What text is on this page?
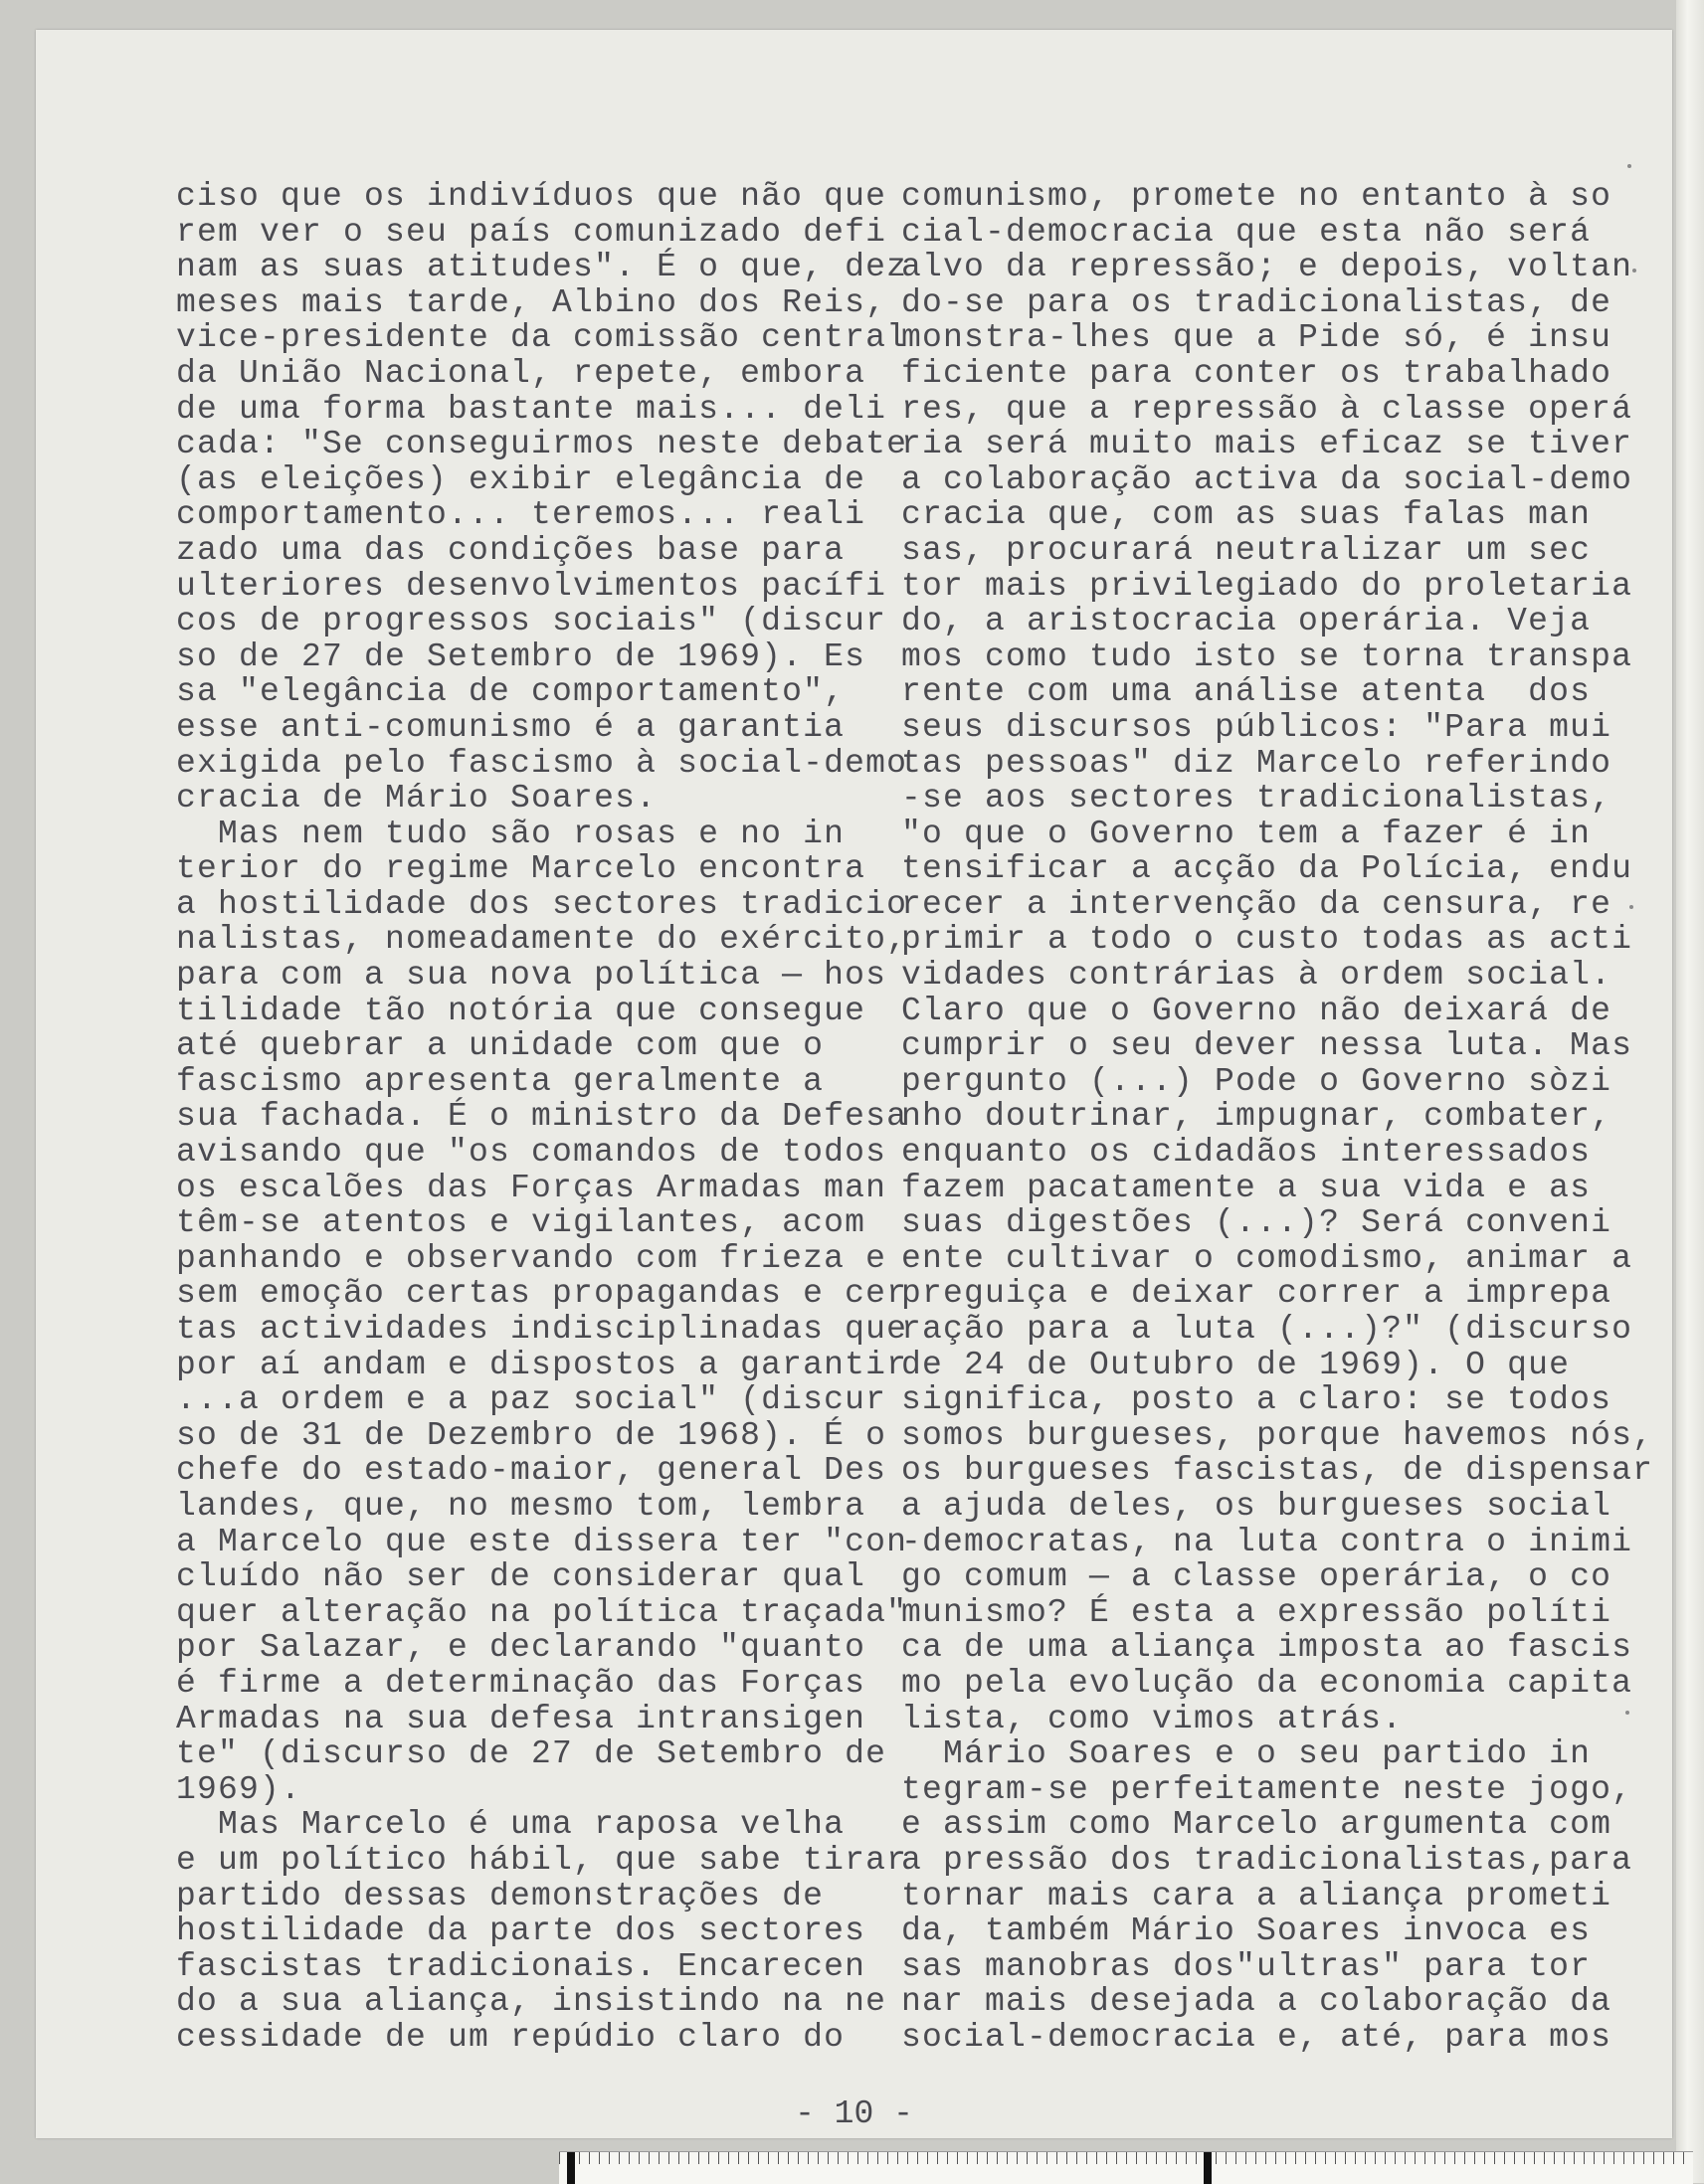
ciso que os indivíduos que não que
rem ver o seu país comunizado defi
nam as suas atitudes". É o que, dez
meses mais tarde, Albino dos Reis,
vice-presidente da comissão central
da União Nacional, repete, embora
de uma forma bastante mais... deli
cada: "Se conseguirmos neste debate
(as eleições) exibir elegância de
comportamento... teremos... reali
zado uma das condições base para
ulteriores desenvolvimentos pacífi
cos de progressos sociais" (discur
so de 27 de Setembro de 1969). Es
sa "elegância de comportamento",
esse anti-comunismo é a garantia
exigida pelo fascismo à social-demo
cracia de Mário Soares.
Mas nem tudo são rosas e no in
terior do regime Marcelo encontra
a hostilidade dos sectores tradicio
nalistas, nomeadamente do exército,
para com a sua nova política — hos
tilidade tão notória que consegue
até quebrar a unidade com que o
fascismo apresenta geralmente a
sua fachada. É o ministro da Defesa
avisando que "os comandos de todos
os escalões das Forças Armadas man
têm-se atentos e vigilantes, acom
panhando e observando com frieza e
sem emoção certas propagandas e cer
tas actividades indisciplinadas que
por aí andam e dispostos a garantir
...a ordem e a paz social" (discur
so de 31 de Dezembro de 1968). É o
chefe do estado-maior, general Des
landes, que, no mesmo tom, lembra
a Marcelo que este dissera ter "con
cluído não ser de considerar qual
quer alteração na política traçada"
por Salazar, e declarando "quanto
é firme a determinação das Forças
Armadas na sua defesa intransigen
te" (discurso de 27 de Setembro de
1969).
Mas Marcelo é uma raposa velha
e um político hábil, que sabe tirar
partido dessas demonstrações de
hostilidade da parte dos sectores
fascistas tradicionais. Encarecen
do a sua aliança, insistindo na ne
cessidade de um repúdio claro do
comunismo, promete no entanto à so
cial-democracia que esta não será
alvo da repressão; e depois, voltan
do-se para os tradicionalistas, de
monstra-lhes que a Pide só, é insu
ficiente para conter os trabalhado
res, que a repressão à classe operá
ria será muito mais eficaz se tiver
a colaboração activa da social-demo
cracia que, com as suas falas man
sas, procurará neutralizar um sec
tor mais privilegiado do proletaria
do, a aristocracia operária. Veja
mos como tudo isto se torna transpa
rente com uma análise atenta  dos
seus discursos públicos: "Para mui
tas pessoas" diz Marcelo referindo
-se aos sectores tradicionalistas,
"o que o Governo tem a fazer é in
tensificar a acção da Polícia, endu
recer a intervenção da censura, re
primir a todo o custo todas as acti
vidades contrárias à ordem social.
Claro que o Governo não deixará de
cumprir o seu dever nessa luta. Mas
pergunto (...) Pode o Governo sòzi
nho doutrinar, impugnar, combater,
enquanto os cidadãos interessados
fazem pacatamente a sua vida e as
suas digestões (...)? Será conveni
ente cultivar o comodismo, animar a
preguiça e deixar correr a imprepa
ração para a luta (...)?" (discurso
de 24 de Outubro de 1969). O que
significa, posto a claro: se todos
somos burgueses, porque havemos nós,
os burgueses fascistas, de dispensar
a ajuda deles, os burgueses social
-democratas, na luta contra o inimi
go comum — a classe operária, o co
munismo? É esta a expressão políti
ca de uma aliança imposta ao fascis
mo pela evolução da economia capita
lista, como vimos atrás.
Mário Soares e o seu partido in
tegram-se perfeitamente neste jogo,
e assim como Marcelo argumenta com
a pressão dos tradicionalistas,para
tornar mais cara a aliança prometi
da, também Mário Soares invoca es
sas manobras dos"ultras" para tor
nar mais desejada a colaboração da
social-democracia e, até, para mos
- 10 -
